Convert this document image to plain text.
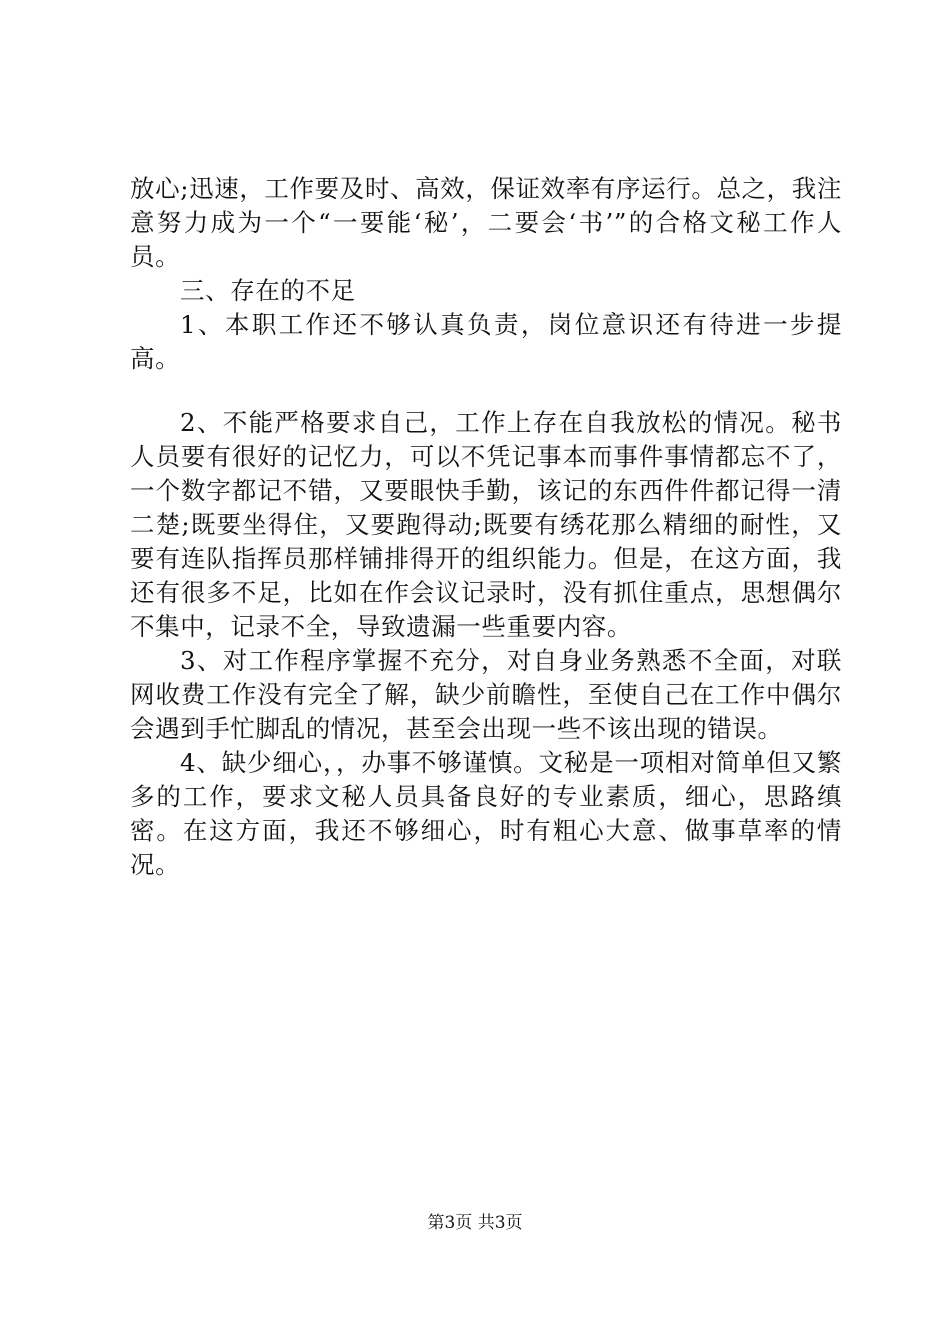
放心;迅速，工作要及时、高效，保证效率有序运行。总之，我注意努力成为一个“一要能‘秘’，二要会‘书’”的合格文秘工作人员。

三、存在的不足

1、本职工作还不够认真负责，岗位意识还有待进一步提高。

2、不能严格要求自己，工作上存在自我放松的情况。秘书人员要有很好的记忆力，可以不凭记事本而事件事情都忘不了，一个数字都记不错，又要眼快手勤，该记的东西件件都记得一清二楚;既要坐得住，又要跑得动;既要有绣花那么精细的耐性，又要有连队指挥员那样铺排得开的组织能力。但是，在这方面，我还有很多不足，比如在作会议记录时，没有抓住重点，思想偶尔不集中，记录不全，导致遗漏一些重要内容。

3、对工作程序掌握不充分，对自身业务熟悉不全面，对联网收费工作没有完全了解，缺少前瞻性，至使自己在工作中偶尔会遇到手忙脚乱的情况，甚至会出现一些不该出现的错误。

4、缺少细心，，办事不够谨慎。文秘是一项相对简单但又繁多的工作，要求文秘人员具备良好的专业素质，细心，思路缜密。在这方面，我还不够细心，时有粗心大意、做事草率的情况。

第3页 共3页
